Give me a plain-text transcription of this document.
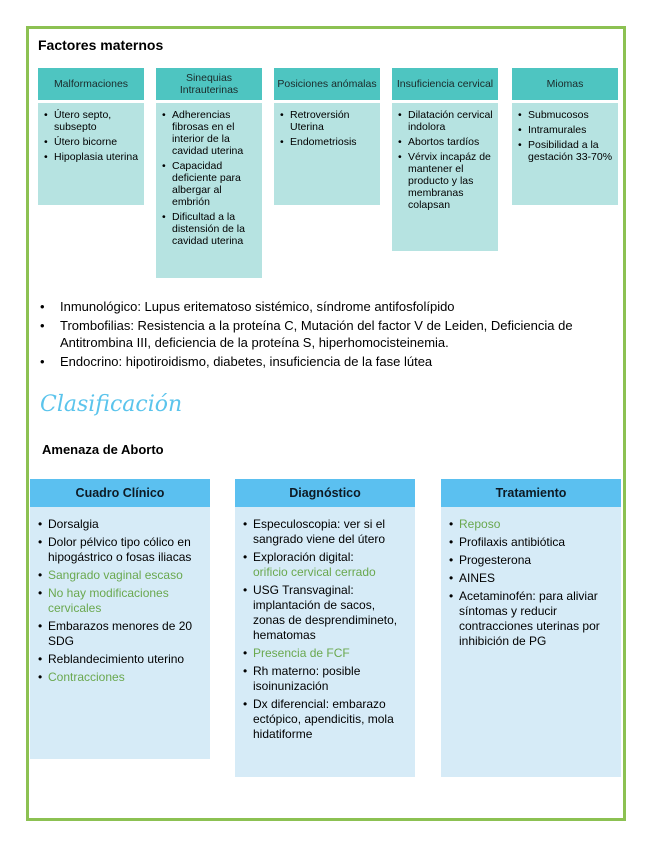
Factores maternos
Malformaciones
• Útero septo, subsepto
• Útero bicorne
• Hipoplasia uterina
Sinequias Intrauterinas
• Adherencias fibrosas en el interior de la cavidad uterina
• Capacidad deficiente para albergar al embrión
• Dificultad a la distensión de la cavidad uterina
Posiciones anómalas
• Retroversión Uterina
• Endometriosis
Insuficiencia cervical
• Dilatación cervical indolora
• Abortos tardíos
• Vérvix incapáz de mantener el producto y las membranas colapsan
Miomas
• Submucosos
• Intramurales
• Posibilidad a la gestación 33-70%
• Inmunológico: Lupus eritematoso sistémico, síndrome antifosfolípido
• Trombofilias: Resistencia a la proteína C, Mutación del factor V de Leiden, Deficiencia de Antitrombina III, deficiencia de la proteína S, hiperhomocisteinemia.
• Endocrino: hipotiroidismo, diabetes, insuficiencia de la fase lútea
Clasificación
Amenaza de Aborto
Cuadro Clínico
• Dorsalgia
• Dolor pélvico tipo cólico en hipogástrico o fosas iliacas
• Sangrado vaginal escaso
• No hay modificaciones cervicales
• Embarazos menores de 20 SDG
• Reblandecimiento uterino
• Contracciones
Diagnóstico
• Especuloscopia: ver si el sangrado viene del útero
• Exploración digital:
orificio cervical cerrado
• USG Transvaginal: implantación de sacos, zonas de desprendimineto, hematomas
• Presencia de FCF
• Rh materno: posible isoinunización
• Dx diferencial: embarazo ectópico, apendicitis, mola hidatiforme
Tratamiento
• Reposo
• Profilaxis antibiótica
• Progesterona
• AINES
• Acetaminofén: para aliviar síntomas y reducir contracciones uterinas por inhibición de PG
